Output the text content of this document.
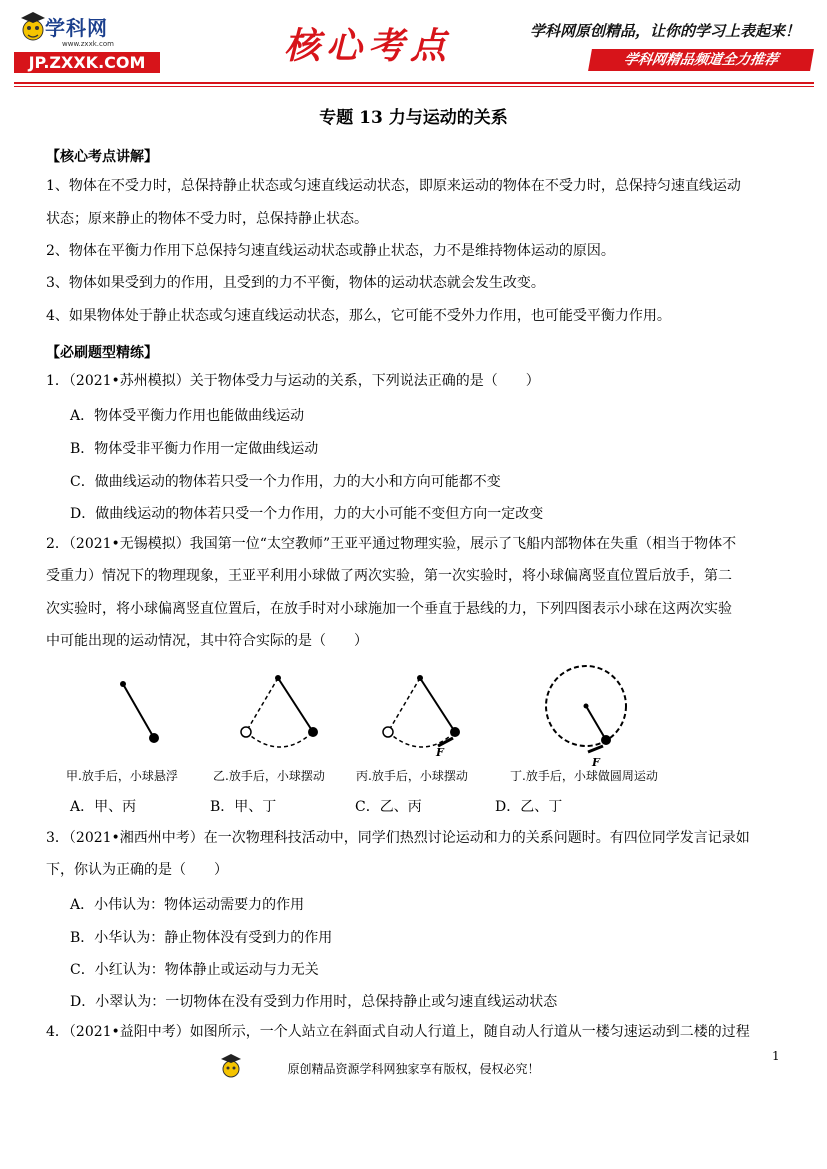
学科网
www.zxxk.com
JP.ZXXK.COM	核心考点	学科网原创精品，让你的学习上表起来！
学科网精品频道全力推荐
专题 13 力与运动的关系
【核心考点讲解】
1、物体在不受力时，总保持静止状态或匀速直线运动状态，即原来运动的物体在不受力时，总保持匀速直线运动
状态；原来静止的物体不受力时，总保持静止状态。
2、物体在平衡力作用下总保持匀速直线运动状态或静止状态，力不是维持物体运动的原因。
3、物体如果受到力的作用，且受到的力不平衡，物体的运动状态就会发生改变。
4、如果物体处于静止状态或匀速直线运动状态，那么，它可能不受外力作用，也可能受平衡力作用。
【必刷题型精练】
1．（2021•苏州模拟）关于物体受力与运动的关系，下列说法正确的是（　　）
A．物体受平衡力作用也能做曲线运动
B．物体受非平衡力作用一定做曲线运动
C．做曲线运动的物体若只受一个力作用，力的大小和方向可能都不变
D．做曲线运动的物体若只受一个力作用，力的大小可能不变但方向一定改变
2．（2021•无锡模拟）我国第一位“太空教师”王亚平通过物理实验，展示了飞船内部物体在失重（相当于物体不
受重力）情况下的物理现象，王亚平利用小球做了两次实验，第一次实验时，将小球偏离竖直位置后放手，第二
次实验时，将小球偏离竖直位置后，在放手时对小球施加一个垂直于悬线的力，下列四图表示小球在这两次实验
中可能出现的运动情况，其中符合实际的是（　　）
F
F
甲.放手后，小球悬浮	乙.放手后，小球摆动	丙.放手后，小球摆动	丁.放手后，小球做圆周运动
A．甲、丙	B．甲、丁	C．乙、丙	D．乙、丁
3．（2021•湘西州中考）在一次物理科技活动中，同学们热烈讨论运动和力的关系问题时。有四位同学发言记录如
下，你认为正确的是（　　）
A．小伟认为：物体运动需要力的作用
B．小华认为：静止物体没有受到力的作用
C．小红认为：物体静止或运动与力无关
D．小翠认为：一切物体在没有受到力作用时，总保持静止或匀速直线运动状态
4．（2021•益阳中考）如图所示，一个人站立在斜面式自动人行道上，随自动人行道从一楼匀速运动到二楼的过程
1
原创精品资源学科网独家享有版权，侵权必究！
